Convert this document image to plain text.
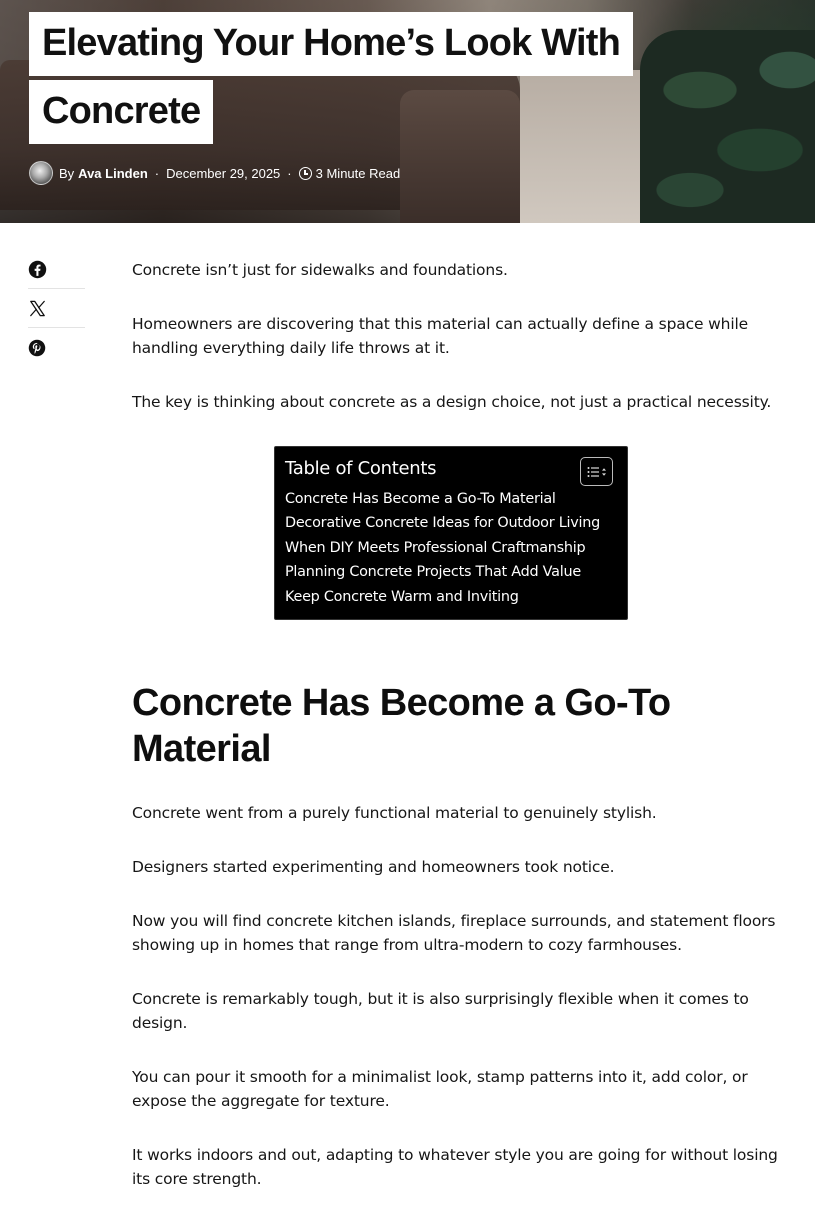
Elevating Your Home’s Look With
Concrete
By Ava Linden · December 29, 2025 · 3 Minute Read

Concrete isn’t just for sidewalks and foundations.

Homeowners are discovering that this material can actually define a space while handling everything daily life throws at it.

The key is thinking about concrete as a design choice, not just a practical necessity.

Table of Contents
Concrete Has Become a Go-To Material
Decorative Concrete Ideas for Outdoor Living
When DIY Meets Professional Craftmanship
Planning Concrete Projects That Add Value
Keep Concrete Warm and Inviting
Concrete Has Become a Go-To Material

Concrete went from a purely functional material to genuinely stylish.

Designers started experimenting and homeowners took notice.

Now you will find concrete kitchen islands, fireplace surrounds, and statement floors showing up in homes that range from ultra-modern to cozy farmhouses.

Concrete is remarkably tough, but it is also surprisingly flexible when it comes to design.

You can pour it smooth for a minimalist look, stamp patterns into it, add color, or expose the aggregate for texture.

It works indoors and out, adapting to whatever style you are going for without losing its core strength.
